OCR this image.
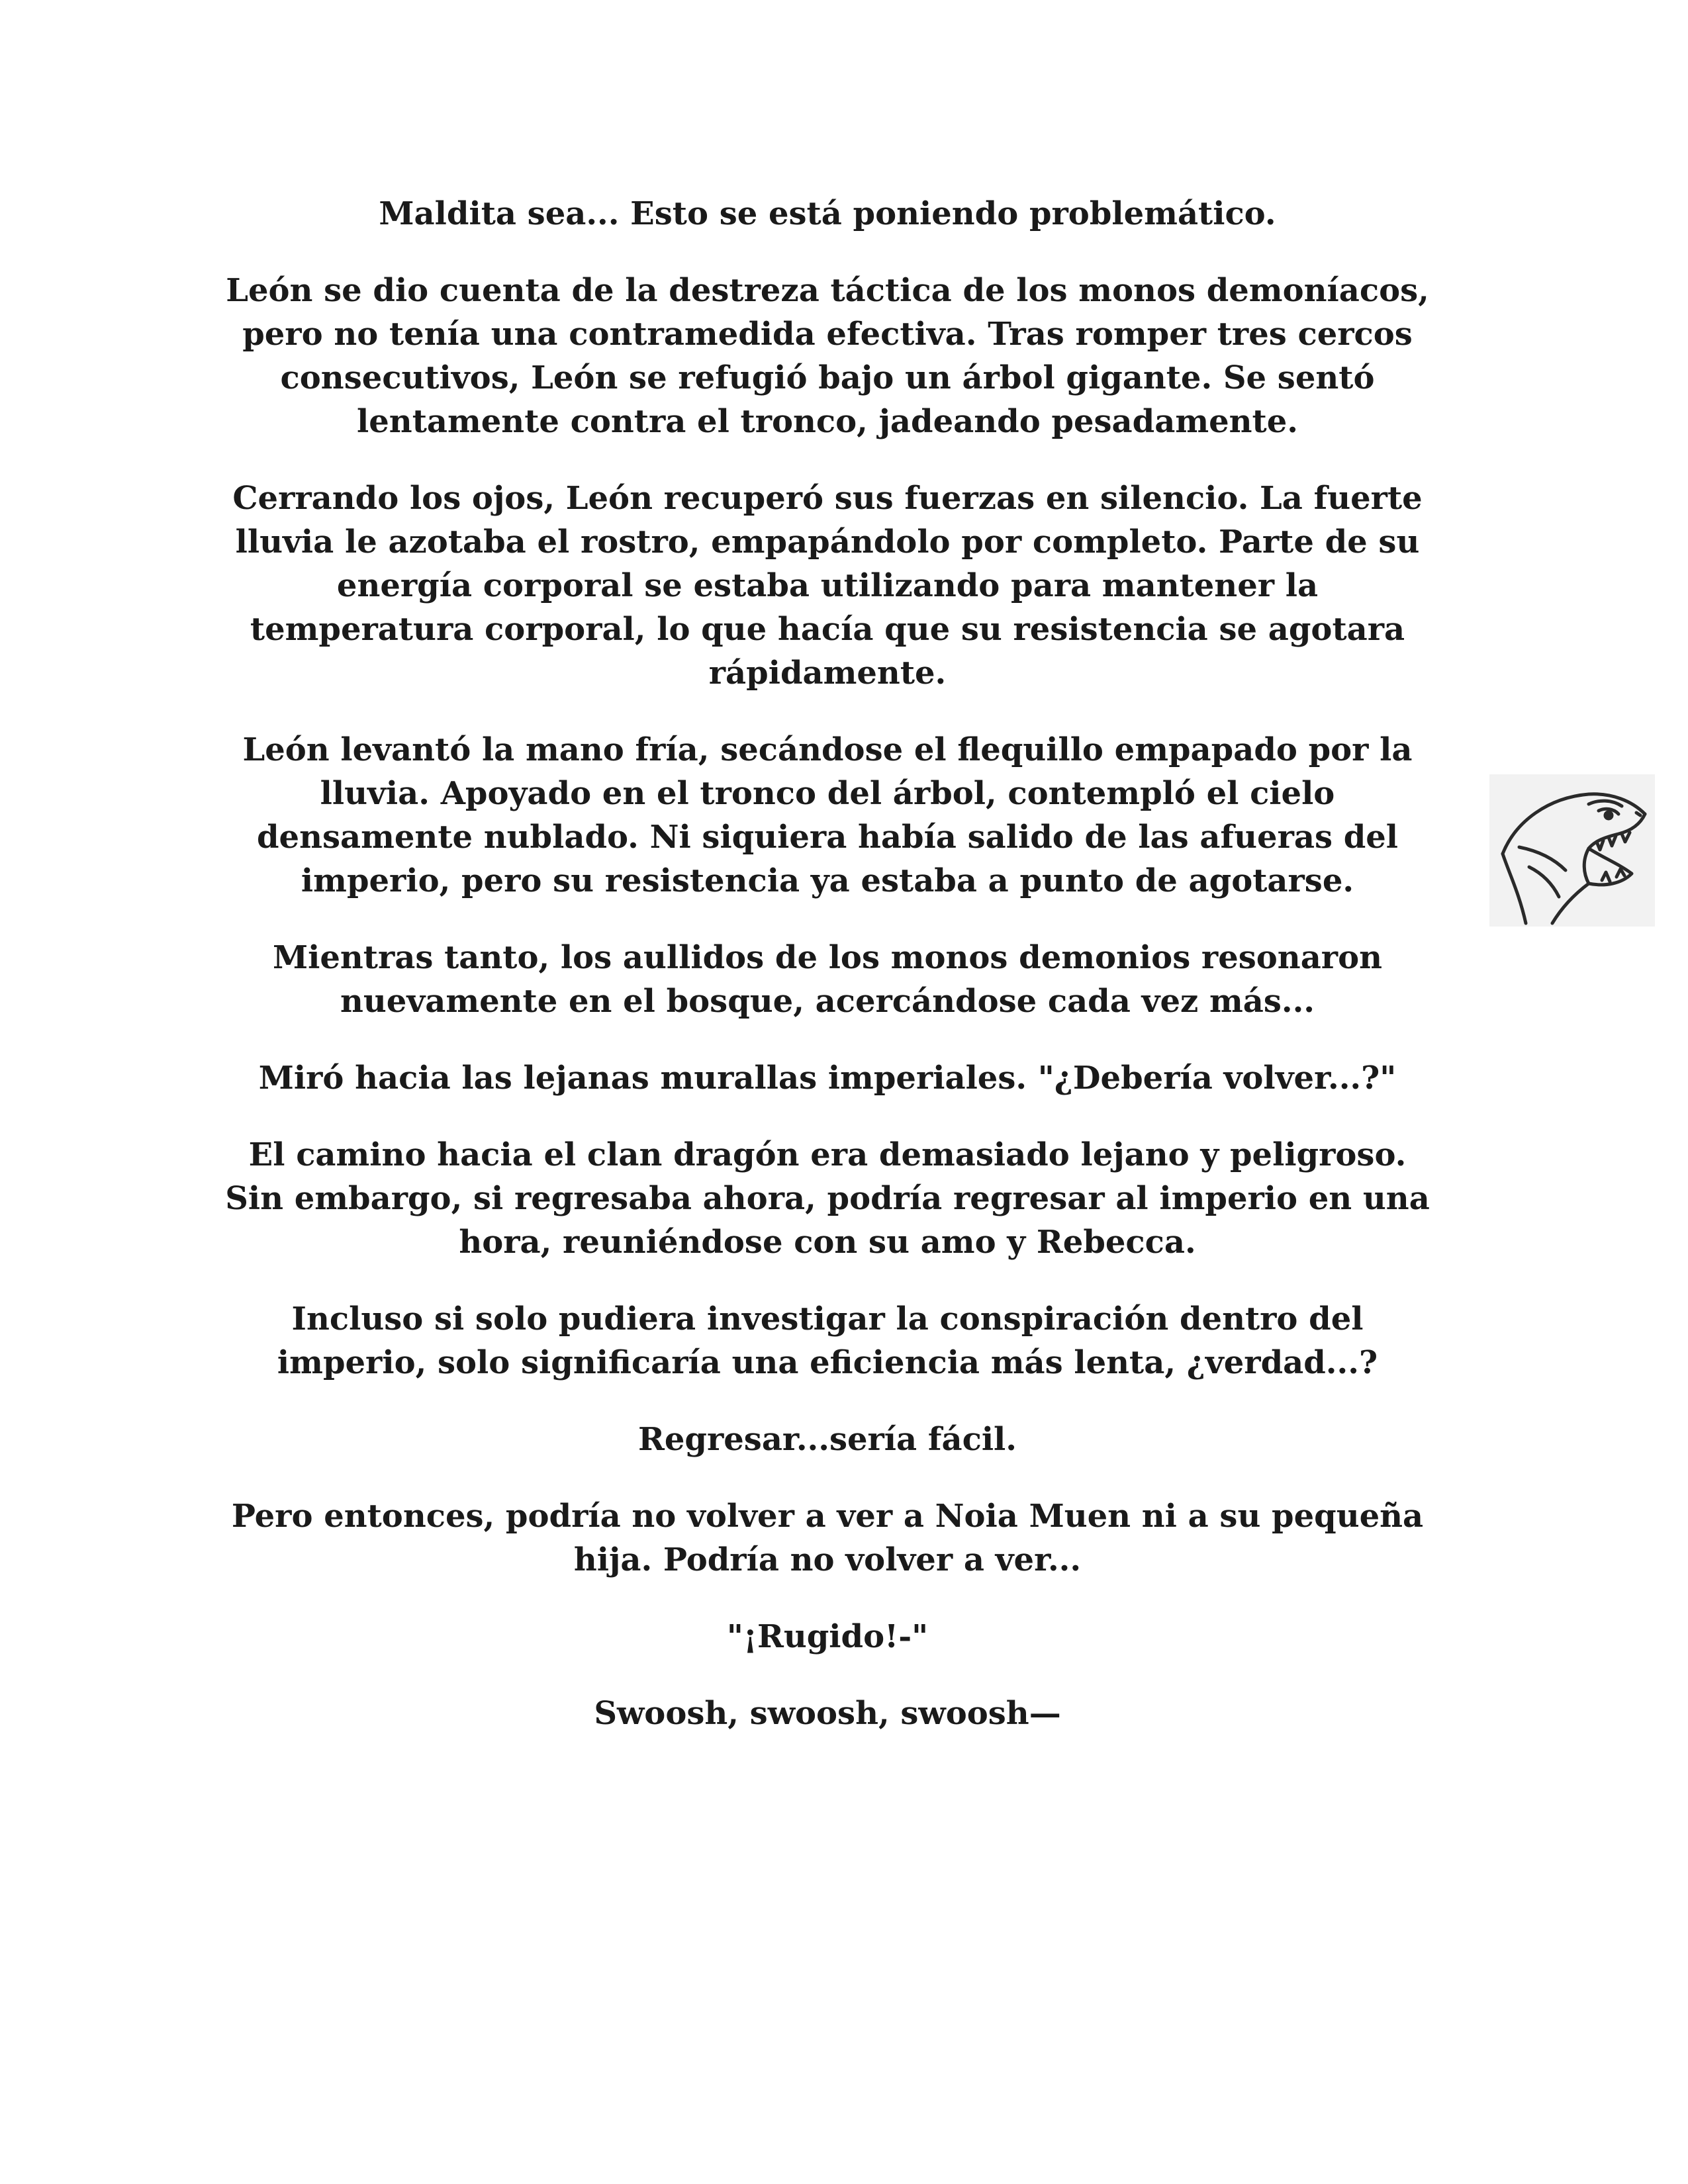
Maldita sea... Esto se está poniendo problemático.

León se dio cuenta de la destreza táctica de los monos demoníacos, pero no tenía una contramedida efectiva. Tras romper tres cercos consecutivos, León se refugió bajo un árbol gigante. Se sentó lentamente contra el tronco, jadeando pesadamente.

Cerrando los ojos, León recuperó sus fuerzas en silencio. La fuerte lluvia le azotaba el rostro, empapándolo por completo. Parte de su energía corporal se estaba utilizando para mantener la temperatura corporal, lo que hacía que su resistencia se agotara rápidamente.

León levantó la mano fría, secándose el flequillo empapado por la lluvia. Apoyado en el tronco del árbol, contempló el cielo densamente nublado. Ni siquiera había salido de las afueras del imperio, pero su resistencia ya estaba a punto de agotarse.

Mientras tanto, los aullidos de los monos demonios resonaron nuevamente en el bosque, acercándose cada vez más...

Miró hacia las lejanas murallas imperiales. "¿Debería volver...?"

El camino hacia el clan dragón era demasiado lejano y peligroso. Sin embargo, si regresaba ahora, podría regresar al imperio en una hora, reuniéndose con su amo y Rebecca.

Incluso si solo pudiera investigar la conspiración dentro del imperio, solo significaría una eficiencia más lenta, ¿verdad...?

Regresar...sería fácil.

Pero entonces, podría no volver a ver a Noia Muen ni a su pequeña hija. Podría no volver a ver...

"¡Rugido!-"

Swoosh, swoosh, swoosh—
